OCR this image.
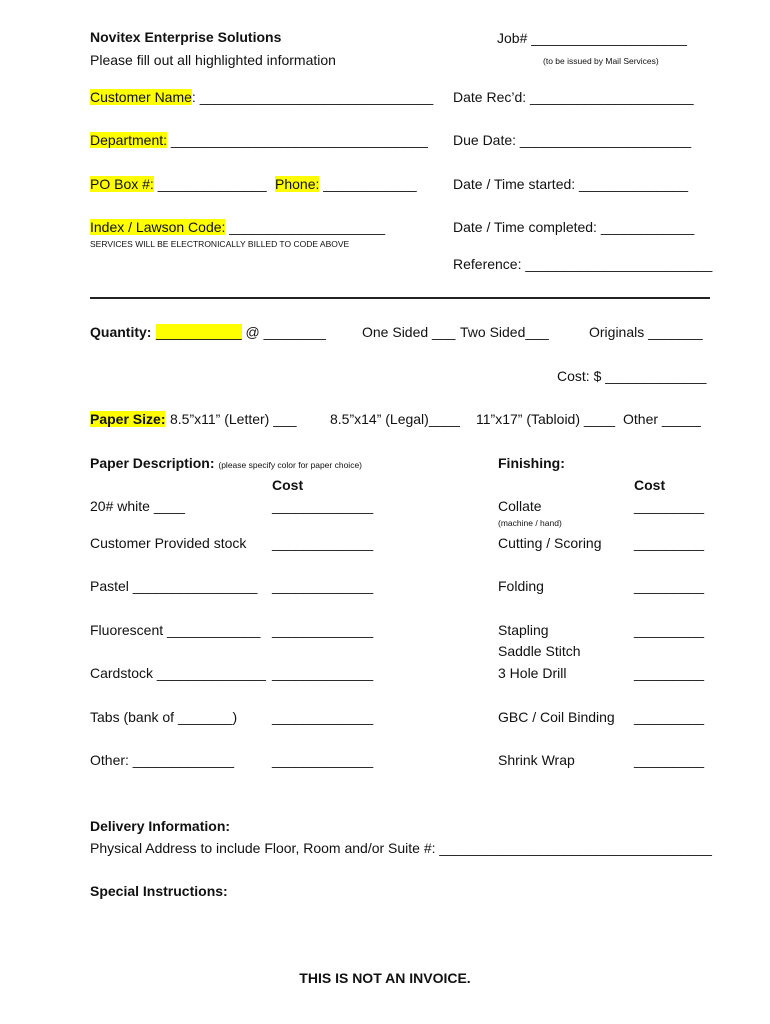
Novitex Enterprise Solutions
Please fill out all highlighted information
Job# ____________________
(to be issued by Mail Services)
Customer Name: ______________________________
Department: _________________________________
PO Box #: ______________ Phone: ____________
Index / Lawson Code: ____________________
SERVICES WILL BE ELECTRONICALLY BILLED TO CODE ABOVE
Date Rec’d: _____________________
Due Date: ______________________
Date / Time started: ______________
Date / Time completed: ____________
Reference: ________________________
Quantity: ___________ @ ________	One Sided ___ Two Sided___	Originals _______
Cost: $ _____________
Paper Size: 8.5”x11” (Letter) ___ 8.5”x14” (Legal)____ 11”x17” (Tabloid) ____ Other _____
Paper Description: (please specify color for paper choice)
Cost
20# white ____	_____________
Customer Provided stock _____________
Pastel ________________ _____________
Fluorescent ____________ _____________
Cardstock ______________ _____________
Tabs (bank of _______) _____________
Other: _____________	_____________
Finishing:
Cost
Collate
(machine / hand)
_________
Cutting / Scoring _________
Folding	_________
Stapling	_________
Saddle Stitch
3 Hole Drill	_________
GBC / Coil Binding _________
Shrink Wrap	_________
Delivery Information:
Physical Address to include Floor, Room and/or Suite #: ___________________________________
Special Instructions:
THIS IS NOT AN INVOICE.
